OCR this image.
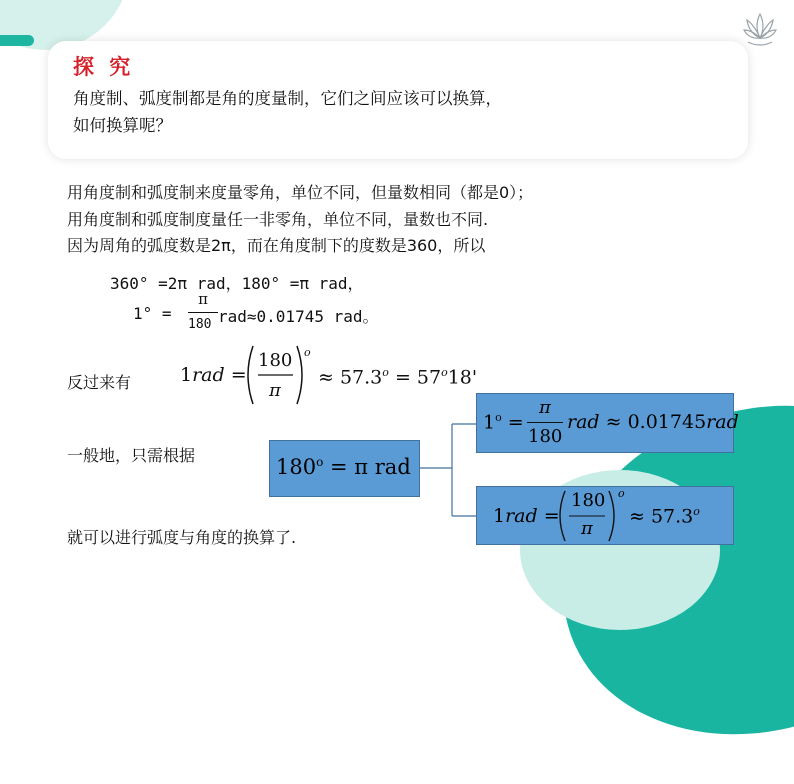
探 究
角度制、弧度制都是角的度量制，它们之间应该可以换算，
如何换算呢？
用角度制和弧度制来度量零角，单位不同，但量数相同（都是0）；
用角度制和弧度制度量任一非零角，单位不同，量数也不同.
因为周角的弧度数是2π，而在角度制下的度数是360，所以
360° =2π rad，180° =π rad，
1° =
π
180 rad≈0.01745 rad。
反过来有	1rad =
180
π
o
≈ $57.3^o = 57^o18'$
一般地，只需根据	$180^o = \pi$ rad
$1^o$ =
π
180
rad ≈ 0.01745rad
1rad =
180
π
o
≈ $57.3^o$
就可以进行弧度与角度的换算了.
